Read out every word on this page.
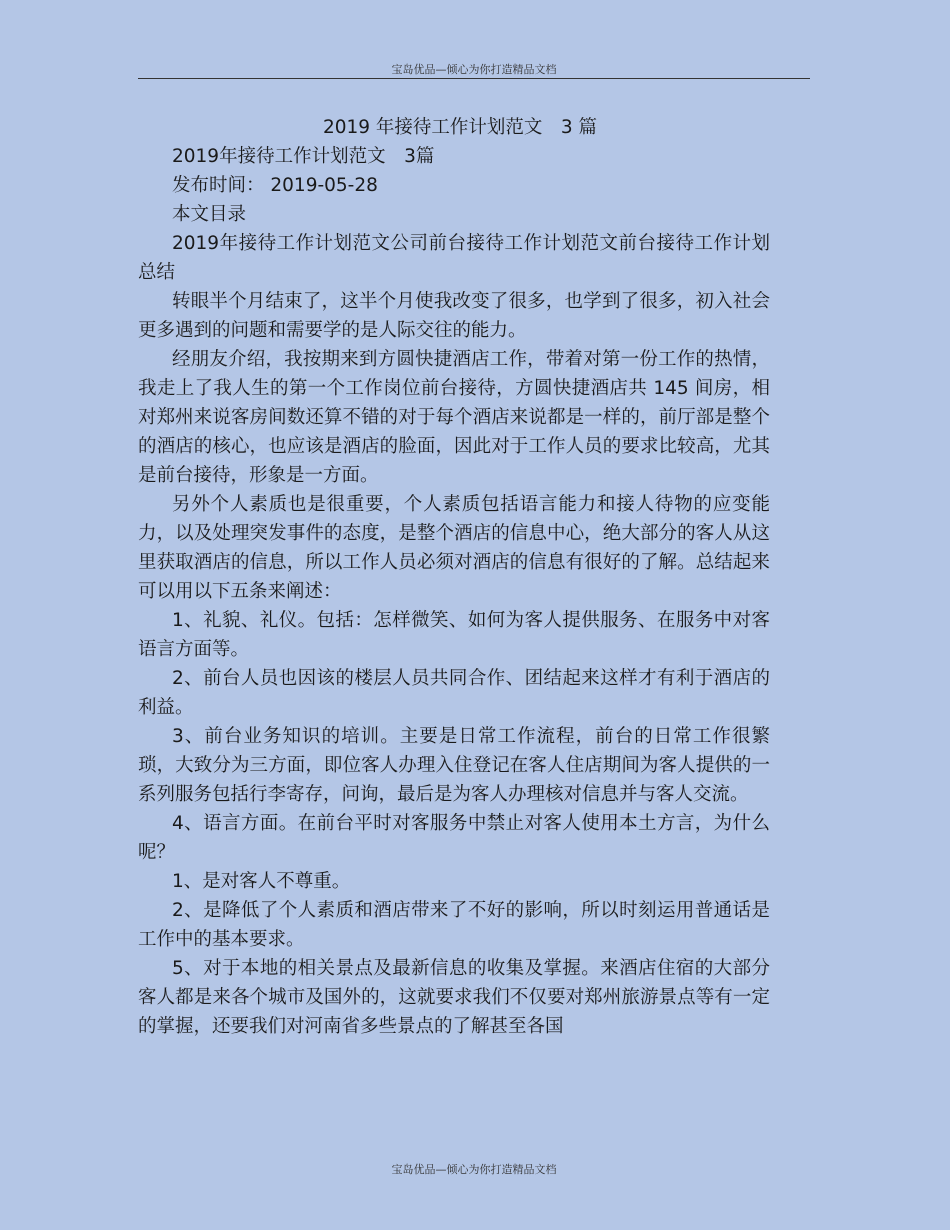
宝岛优品—倾心为你打造精品文档

2019 年接待工作计划范文　3 篇

2019年接待工作计划范文　3篇

发布时间： 2019-05-28

本文目录

2019年接待工作计划范文公司前台接待工作计划范文前台接待工作计划总结

转眼半个月结束了，这半个月使我改变了很多，也学到了很多，初入社会更多遇到的问题和需要学的是人际交往的能力。

经朋友介绍，我按期来到方圆快捷酒店工作，带着对第一份工作的热情，我走上了我人生的第一个工作岗位前台接待，方圆快捷酒店共 145 间房，相对郑州来说客房间数还算不错的对于每个酒店来说都是一样的，前厅部是整个的酒店的核心，也应该是酒店的脸面，因此对于工作人员的要求比较高，尤其是前台接待，形象是一方面。

另外个人素质也是很重要，个人素质包括语言能力和接人待物的应变能力，以及处理突发事件的态度，是整个酒店的信息中心，绝大部分的客人从这里获取酒店的信息，所以工作人员必须对酒店的信息有很好的了解。总结起来可以用以下五条来阐述：

1、礼貌、礼仪。包括：怎样微笑、如何为客人提供服务、在服务中对客语言方面等。

2、前台人员也因该的楼层人员共同合作、团结起来这样才有利于酒店的利益。

3、前台业务知识的培训。主要是日常工作流程，前台的日常工作很繁琐，大致分为三方面，即位客人办理入住登记在客人住店期间为客人提供的一系列服务包括行李寄存，问询，最后是为客人办理核对信息并与客人交流。

4、语言方面。在前台平时对客服务中禁止对客人使用本土方言，为什么呢？

1、是对客人不尊重。

2、是降低了个人素质和酒店带来了不好的影响，所以时刻运用普通话是工作中的基本要求。

5、对于本地的相关景点及最新信息的收集及掌握。来酒店住宿的大部分客人都是来各个城市及国外的，这就要求我们不仅要对郑州旅游景点等有一定的掌握，还要我们对河南省多些景点的了解甚至各国

宝岛优品—倾心为你打造精品文档
